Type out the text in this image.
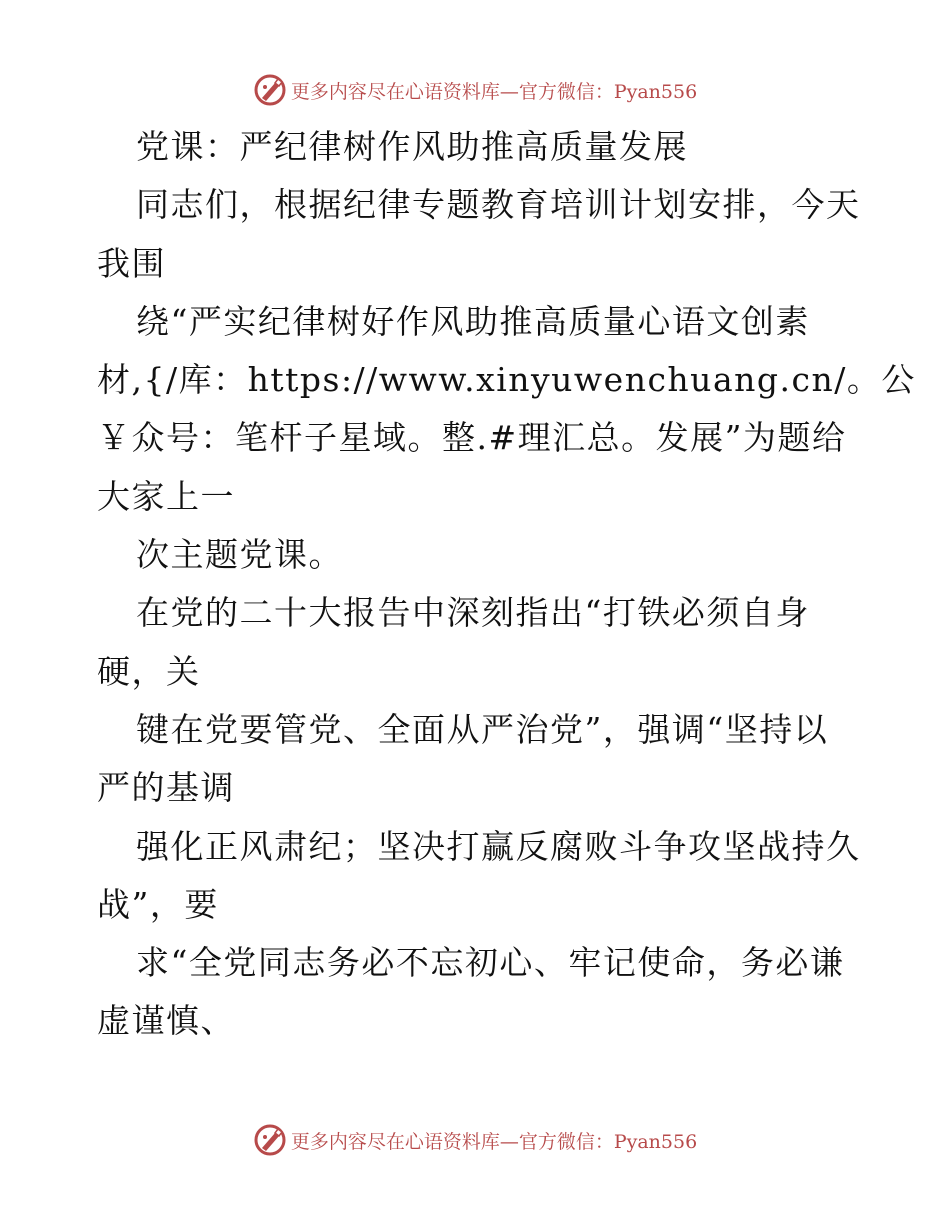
更多内容尽在心语资料库—官方微信：Pyan556
党课：严纪律树作风助推高质量发展
同志们，根据纪律专题教育培训计划安排，今天
我围
绕“严实纪律树好作风助推高质量心语文创素
材,{/库：https://www.xinyuwenchuang.cn/。公
￥众号：笔杆子星域。整.#理汇总。发展”为题给
大家上一
次主题党课。
在党的二十大报告中深刻指出“打铁必须自身
硬，关
键在党要管党、全面从严治党”，强调“坚持以
严的基调
强化正风肃纪；坚决打赢反腐败斗争攻坚战持久
战”，要
求“全党同志务必不忘初心、牢记使命，务必谦
虚谨慎、
更多内容尽在心语资料库—官方微信：Pyan556
